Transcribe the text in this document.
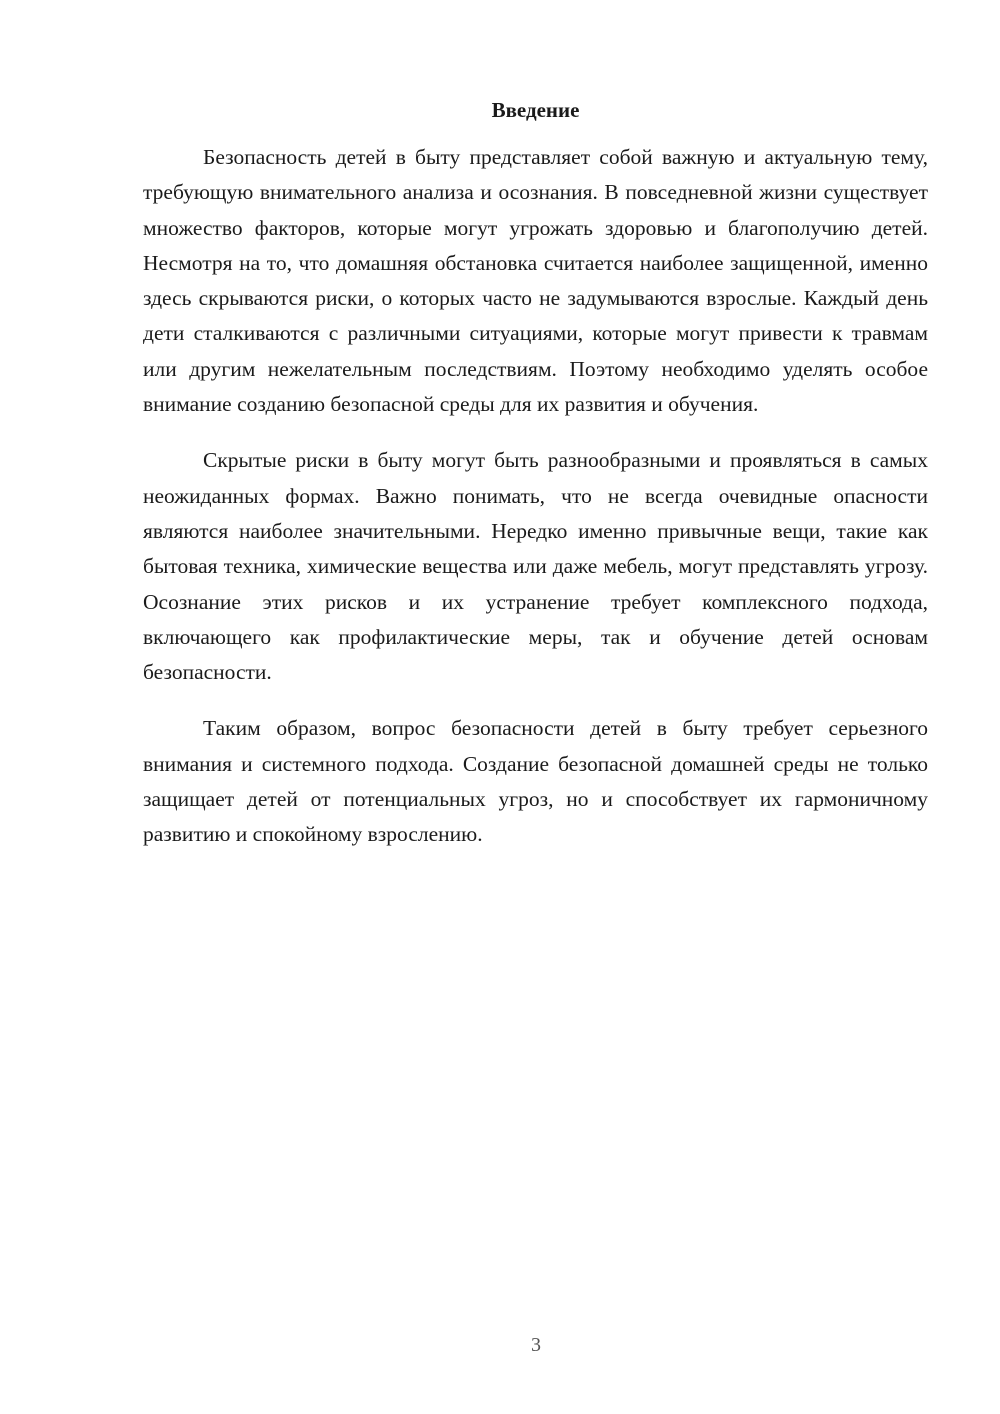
Введение

Безопасность детей в быту представляет собой важную и актуальную тему, требующую внимательного анализа и осознания. В повседневной жизни существует множество факторов, которые могут угрожать здоровью и благополучию детей. Несмотря на то, что домашняя обстановка считается наиболее защищенной, именно здесь скрываются риски, о которых часто не задумываются взрослые. Каждый день дети сталкиваются с различными ситуациями, которые могут привести к травмам или другим нежелательным последствиям. Поэтому необходимо уделять особое внимание созданию безопасной среды для их развития и обучения.

Скрытые риски в быту могут быть разнообразными и проявляться в самых неожиданных формах. Важно понимать, что не всегда очевидные опасности являются наиболее значительными. Нередко именно привычные вещи, такие как бытовая техника, химические вещества или даже мебель, могут представлять угрозу. Осознание этих рисков и их устранение требует комплексного подхода, включающего как профилактические меры, так и обучение детей основам безопасности.

Таким образом, вопрос безопасности детей в быту требует серьезного внимания и системного подхода. Создание безопасной домашней среды не только защищает детей от потенциальных угроз, но и способствует их гармоничному развитию и спокойному взрослению.

3
